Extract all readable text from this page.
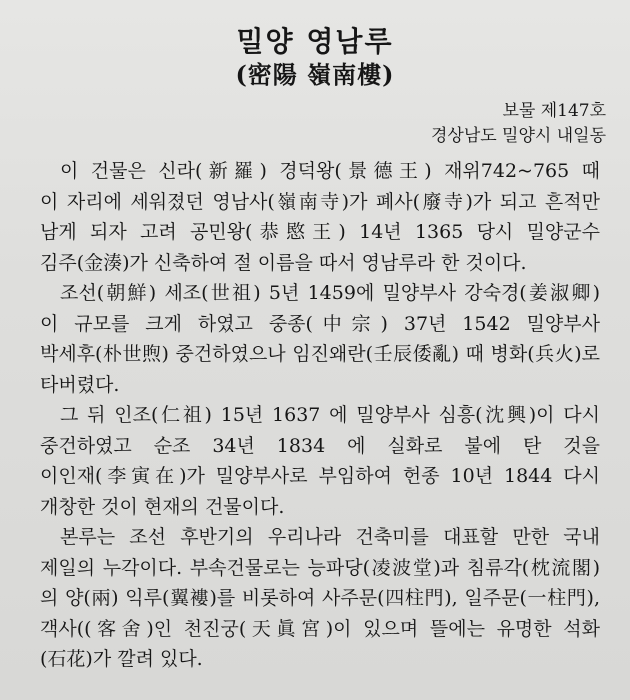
밀양 영남루
(密陽 嶺南樓)
보물 제147호
경상남도 밀양시 내일동
이 건물은 신라(新羅) 경덕왕(景德王) 재위742~765 때
이 자리에 세워졌던 영남사(嶺南寺)가 폐사(廢寺)가 되고 흔적만
남게 되자 고려 공민왕(恭愍王) 14년 1365 당시 밀양군수
김주(金湊)가 신축하여 절 이름을 따서 영남루라 한 것이다.
조선(朝鮮) 세조(世祖) 5년 1459에 밀양부사 강숙경(姜淑卿)
이 규모를 크게 하였고 중종(中宗) 37년 1542 밀양부사
박세후(朴世煦) 중건하였으나 임진왜란(壬辰倭亂) 때 병화(兵火)로
타버렸다.
그 뒤 인조(仁祖) 15년 1637 에 밀양부사 심흥(沈興)이 다시
중건하였고 순조 34년 1834 에 실화로 불에 탄 것을
이인재(李寅在)가 밀양부사로 부임하여 헌종 10년 1844 다시
개창한 것이 현재의 건물이다.
본루는 조선 후반기의 우리나라 건축미를 대표할 만한 국내
제일의 누각이다. 부속건물로는 능파당(凌波堂)과 침류각(枕流閣)
의 양(兩) 익루(翼褸)를 비롯하여 사주문(四柱門), 일주문(一柱門),
객사((客舍)인 천진궁(天眞宮)이 있으며 뜰에는 유명한 석화
(石花)가 깔려 있다.
